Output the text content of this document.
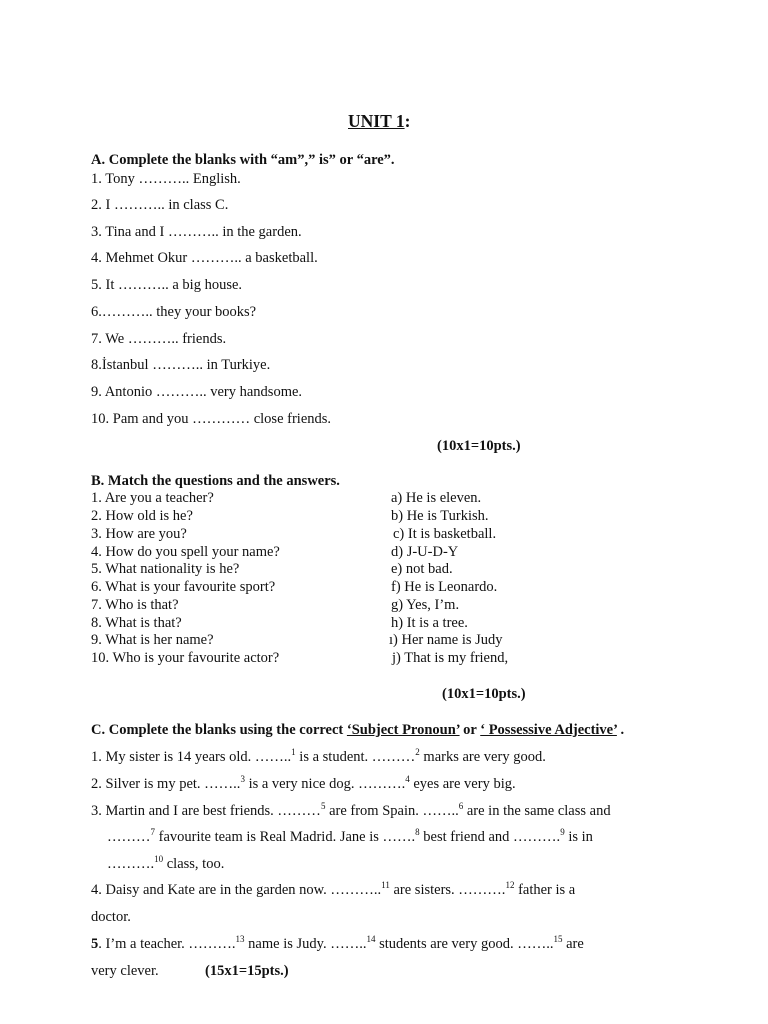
UNIT 1:
A. Complete the blanks with “am”,” is” or “are”.
1. Tony ……….. English.
2. I ……….. in class C.
3. Tina and I ……….. in the garden.
4. Mehmet Okur ……….. a basketball.
5. It ……….. a big house.
6.……….. they your books?
7. We ……….. friends.
8.İstanbul ……….. in Turkiye.
9. Antonio ……….. very handsome.
10. Pam and you ………… close friends.
(10x1=10pts.)
B. Match the questions and the answers.
1. Are you a teacher?
2. How old is he?
3. How are you?
4. How do you spell your name?
5. What nationality is he?
6. What is your favourite sport?
7. Who is that?
8. What is that?
9. What is her name?
10. Who is your favourite actor?
a) He is eleven.
b) He is Turkish.
c) It is basketball.
d) J-U-D-Y
e) not bad.
f) He is Leonardo.
g) Yes, I’m.
h) It is a tree.
ı) Her name is Judy
j) That is my friend,
(10x1=10pts.)
C. Complete the blanks using the correct ‘Subject Pronoun’ or ‘ Possessive Adjective’ .
1. My sister is 14 years old. ……..$^1$ is a student. ………$^2$ marks are very good.
2. Silver is my pet. ……..$^3$ is a very nice dog. ……….$^4$ eyes are very big.
3. Martin and I are best friends. ………$^5$ are from Spain. ……..$^6$ are in the same class and
………$^7$ favourite team is Real Madrid. Jane is …….$^8$ best friend and ……….$^9$ is in
……….$^{10}$ class, too.
4. Daisy and Kate are in the garden now. ………..$^{11}$ are sisters. ……….$^{12}$ father is a
doctor.
5. I’m a teacher. ……….$^{13}$ name is Judy. ……..$^{14}$ students are very good. ……..$^{15}$ are
very clever.	(15x1=15pts.)
